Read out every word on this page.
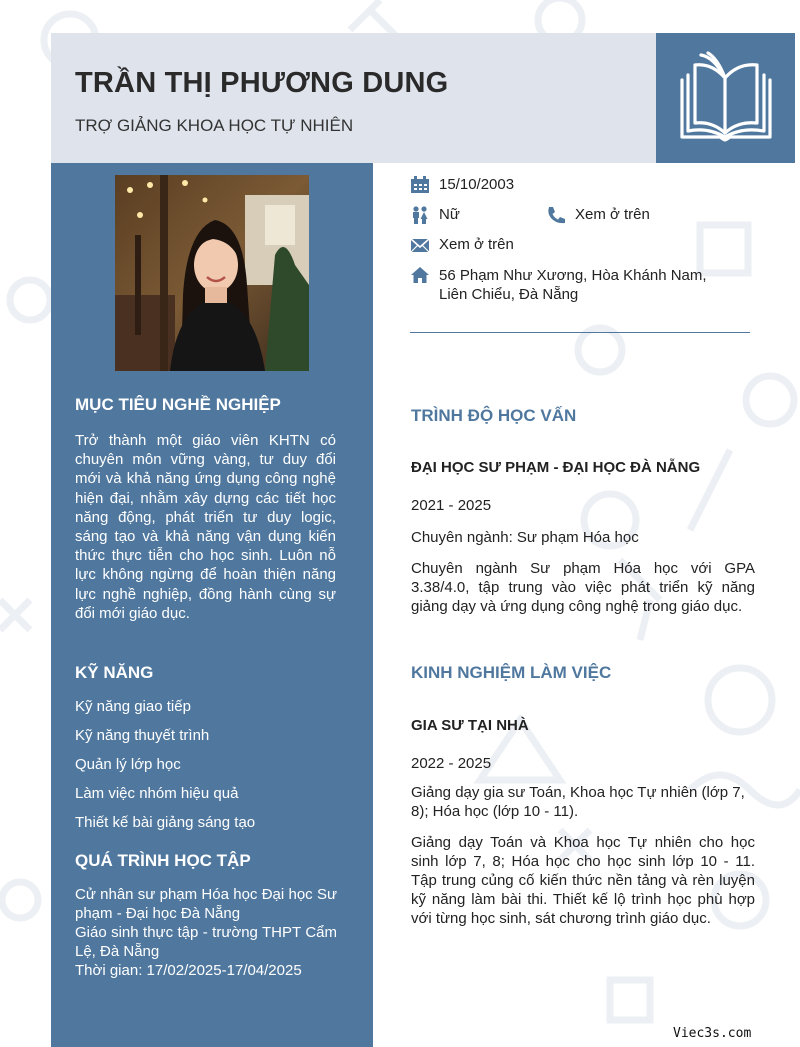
TRẦN THỊ PHƯƠNG DUNG
TRỢ GIẢNG KHOA HỌC TỰ NHIÊN
MỤC TIÊU NGHỀ NGHIỆP

Trở thành một giáo viên KHTN có chuyên môn vững vàng, tư duy đổi mới và khả năng ứng dụng công nghệ hiện đại, nhằm xây dựng các tiết học năng động, phát triển tư duy logic, sáng tạo và khả năng vận dụng kiến thức thực tiễn cho học sinh. Luôn nỗ lực không ngừng để hoàn thiện năng lực nghề nghiệp, đồng hành cùng sự đổi mới giáo dục.

KỸ NĂNG
Kỹ năng giao tiếp
Kỹ năng thuyết trình
Quản lý lớp học
Làm việc nhóm hiệu quả
Thiết kế bài giảng sáng tạo
QUÁ TRÌNH HỌC TẬP
Cử nhân sư phạm Hóa học Đại học Sư phạm - Đại học Đà Nẵng
Giáo sinh thực tập - trường THPT Cẩm Lệ, Đà Nẵng
Thời gian: 17/02/2025-17/04/2025
15/10/2003
Nữ	Xem ở trên
Xem ở trên
56 Phạm Như Xương, Hòa Khánh Nam,
Liên Chiểu, Đà Nẵng
TRÌNH ĐỘ HỌC VẤN
ĐẠI HỌC SƯ PHẠM - ĐẠI HỌC ĐÀ NẴNG
2021 - 2025
Chuyên ngành: Sư phạm Hóa học
Chuyên ngành Sư phạm Hóa học với GPA 3.38/4.0, tập trung vào việc phát triển kỹ năng giảng dạy và ứng dụng công nghệ trong giáo dục.
KINH NGHIỆM LÀM VIỆC
GIA SƯ TẠI NHÀ
2022 - 2025
Giảng dạy gia sư Toán, Khoa học Tự nhiên (lớp 7, 8); Hóa học (lớp 10 - 11).
Giảng dạy Toán và Khoa học Tự nhiên cho học sinh lớp 7, 8; Hóa học cho học sinh lớp 10 - 11. Tập trung củng cố kiến thức nền tảng và rèn luyện kỹ năng làm bài thi. Thiết kế lộ trình học phù hợp với từng học sinh, sát chương trình giáo dục.
Viec3s.com
